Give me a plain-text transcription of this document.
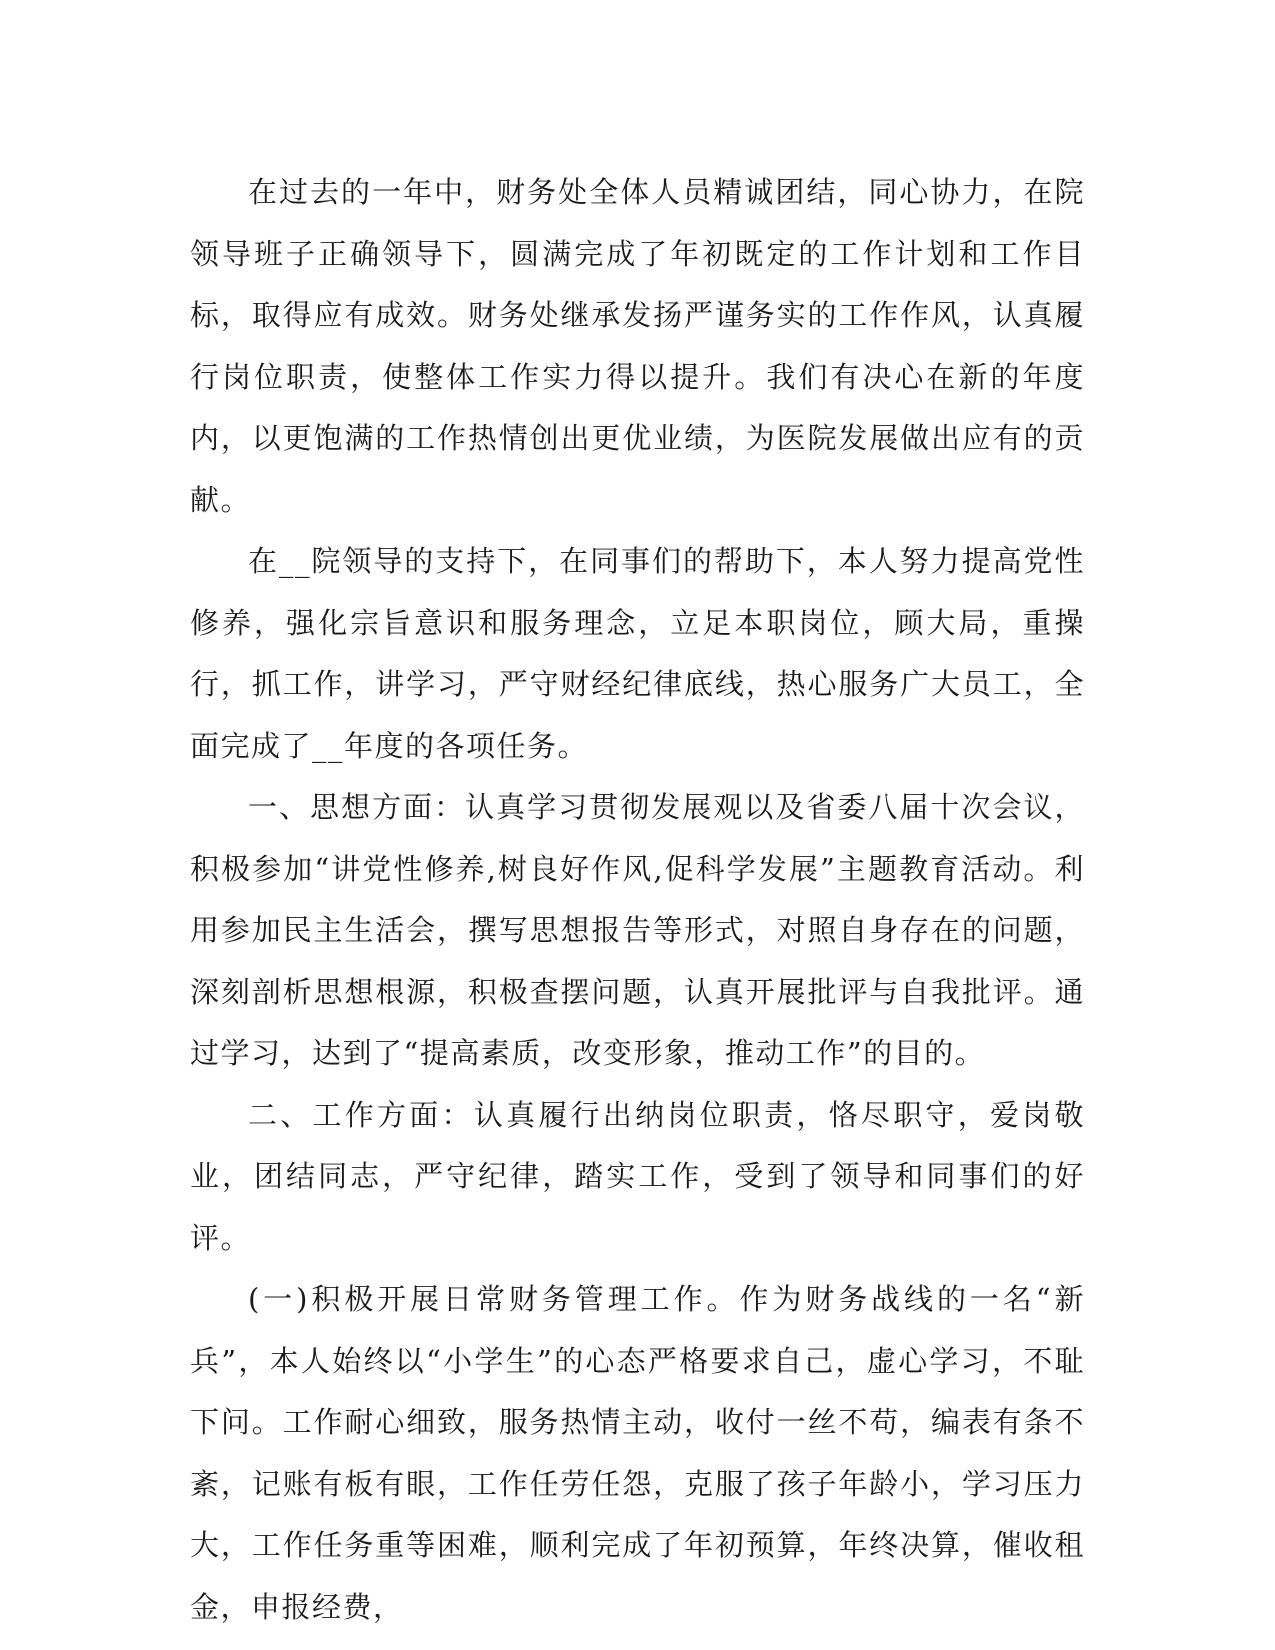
在过去的一年中，财务处全体人员精诚团结，同心协力，在院领导班子正确领导下，圆满完成了年初既定的工作计划和工作目标，取得应有成效。财务处继承发扬严谨务实的工作作风，认真履行岗位职责，使整体工作实力得以提升。我们有决心在新的年度内，以更饱满的工作热情创出更优业绩，为医院发展做出应有的贡献。

在__院领导的支持下，在同事们的帮助下，本人努力提高党性修养，强化宗旨意识和服务理念，立足本职岗位，顾大局，重操行，抓工作，讲学习，严守财经纪律底线，热心服务广大员工，全面完成了__年度的各项任务。

一、思想方面：认真学习贯彻发展观以及省委八届十次会议，积极参加“讲党性修养,树良好作风,促科学发展”主题教育活动。利用参加民主生活会，撰写思想报告等形式，对照自身存在的问题，深刻剖析思想根源，积极查摆问题，认真开展批评与自我批评。通过学习，达到了“提高素质，改变形象，推动工作”的目的。

二、工作方面：认真履行出纳岗位职责，恪尽职守，爱岗敬业，团结同志，严守纪律，踏实工作，受到了领导和同事们的好评。

(一)积极开展日常财务管理工作。作为财务战线的一名“新兵”，本人始终以“小学生”的心态严格要求自己，虚心学习，不耻下问。工作耐心细致，服务热情主动，收付一丝不苟，编表有条不紊，记账有板有眼，工作任劳任怨，克服了孩子年龄小，学习压力大，工作任务重等困难，顺利完成了年初预算，年终决算，催收租金，申报经费，
